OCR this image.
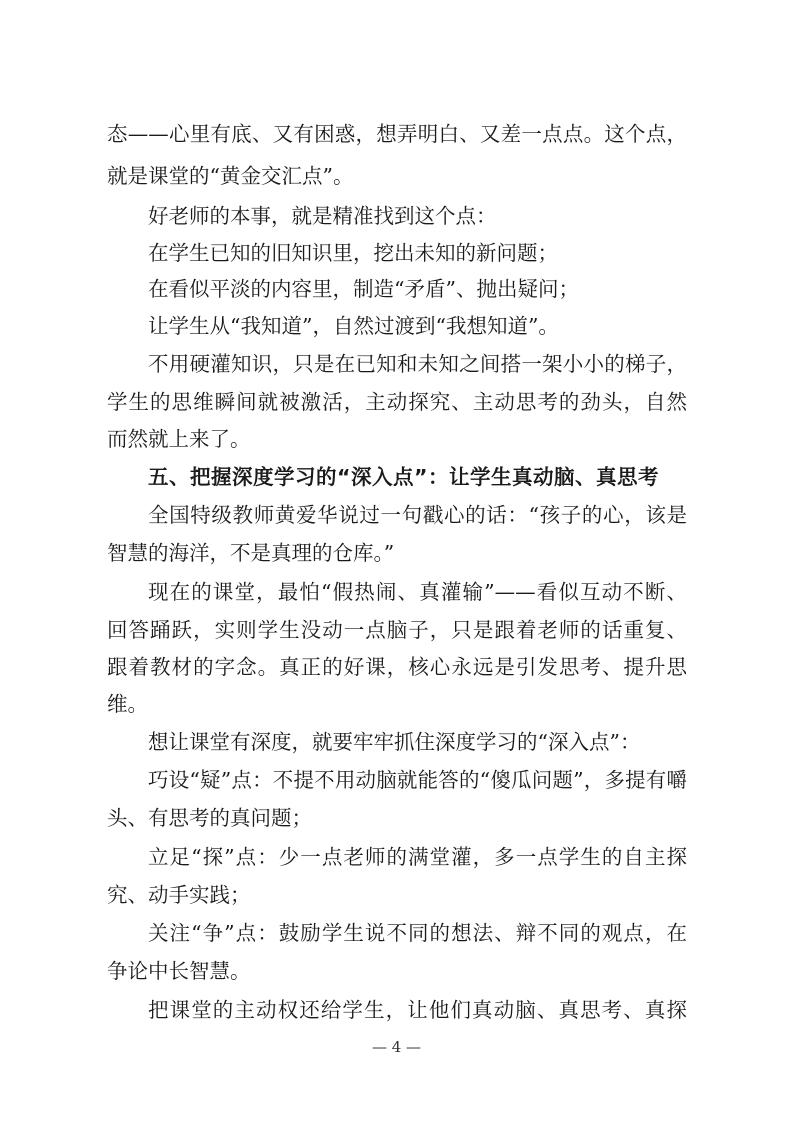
态——心里有底、又有困惑，想弄明白、又差一点点。这个点，
就是课堂的“黄金交汇点”。
好老师的本事，就是精准找到这个点：
在学生已知的旧知识里，挖出未知的新问题；
在看似平淡的内容里，制造“矛盾”、抛出疑问；
让学生从“我知道”，自然过渡到“我想知道”。
不用硬灌知识，只是在已知和未知之间搭一架小小的梯子，
学生的思维瞬间就被激活，主动探究、主动思考的劲头，自然
而然就上来了。
五、把握深度学习的“深入点”：让学生真动脑、真思考
全国特级教师黄爱华说过一句戳心的话：“孩子的心，该是
智慧的海洋，不是真理的仓库。”
现在的课堂，最怕“假热闹、真灌输”——看似互动不断、
回答踊跃，实则学生没动一点脑子，只是跟着老师的话重复、
跟着教材的字念。真正的好课，核心永远是引发思考、提升思
维。
想让课堂有深度，就要牢牢抓住深度学习的“深入点”：
巧设“疑”点：不提不用动脑就能答的“傻瓜问题”，多提有嚼
头、有思考的真问题；
立足“探”点：少一点老师的满堂灌，多一点学生的自主探
究、动手实践；
关注“争”点：鼓励学生说不同的想法、辩不同的观点，在
争论中长智慧。
把课堂的主动权还给学生，让他们真动脑、真思考、真探
— 4 —
